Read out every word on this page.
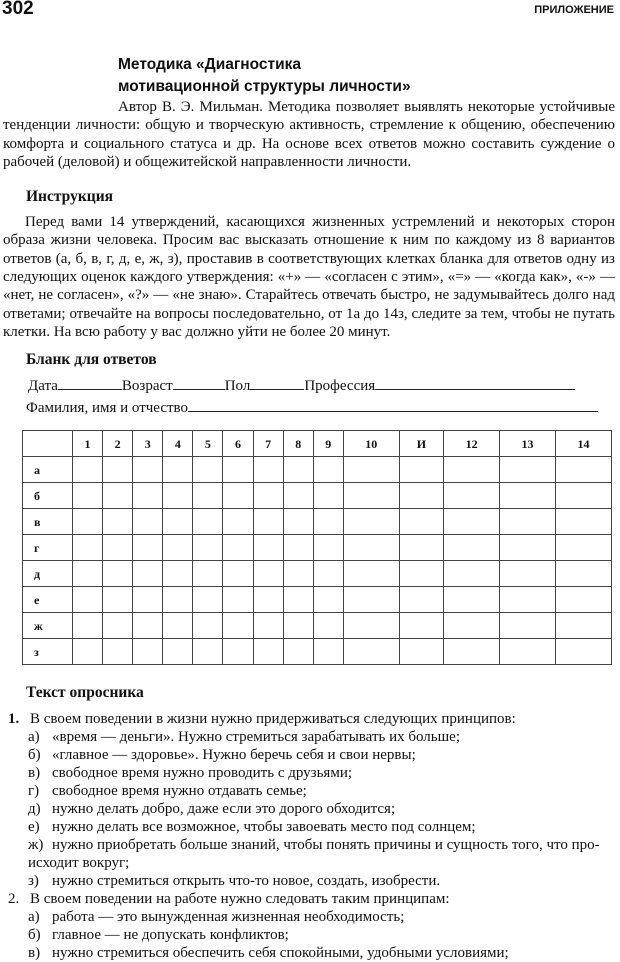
302	ПРИЛОЖЕНИЕ
Методика «Диагностика
мотивационной структуры личности»

Автор В. Э. Мильман. Методика позволяет выявлять некоторые устойчивые тенденции личности: общую и творческую активность, стремление к общению, обеспечению комфорта и социального статуса и др. На основе всех ответов можно составить суждение о рабочей (деловой) и общежитейской направленности личности.

Инструкция

Перед вами 14 утверждений, касающихся жизненных устремлений и некоторых сторон образа жизни человека. Просим вас высказать отношение к ним по каждому из 8 вариантов ответов (а, б, в, г, д, е, ж, з), проставив в соответствующих клетках бланка для ответов одну из следующих оценок каждого утверждения: «+» — «согласен с этим», «=» — «когда как», «-» — «нет, не согласен», «?» — «не знаю». Старайтесь отвечать быстро, не задумывайтесь долго над ответами; отвечайте на вопросы последовательно, от 1а до 14з, следите за тем, чтобы не путать клетки. На всю работу у вас должно уйти не более 20 минут.

Бланк для ответов
Дата	Возраст	Пол	Профессия
Фамилия, имя и отчество
	1	2	3	4	5	6	7	8	9	10	И	12	13	14
а														
б														
в														
г														
д														
е														
ж														
з														
Текст опросника
1. В своем поведении в жизни нужно придерживаться следующих принципов:
а) «время — деньги». Нужно стремиться зарабатывать их больше;
б) «главное — здоровье». Нужно беречь себя и свои нервы;
в) свободное время нужно проводить с друзьями;
г) свободное время нужно отдавать семье;
д) нужно делать добро, даже если это дорого обходится;
е) нужно делать все возможное, чтобы завоевать место под солнцем;
ж) нужно приобретать больше знаний, чтобы понять причины и сущность того, что про-
исходит вокруг;
з) нужно стремиться открыть что-то новое, создать, изобрести.
2. В своем поведении на работе нужно следовать таким принципам:
а) работа — это вынужденная жизненная необходимость;
б) главное — не допускать конфликтов;
в) нужно стремиться обеспечить себя спокойными, удобными условиями;
